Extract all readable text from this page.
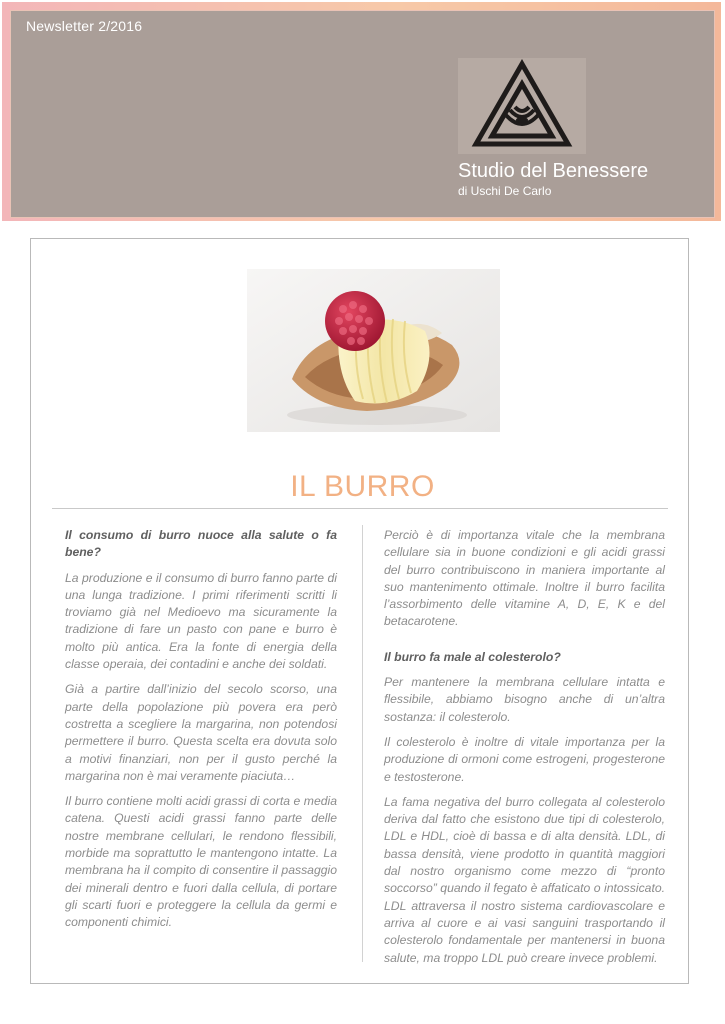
Newsletter 2/2016
Studio del Benessere
di Uschi De Carlo
IL BURRO

Il consumo di burro nuoce alla salute o fa bene?

La produzione e il consumo di burro fanno parte di una lunga tradizione. I primi riferimenti scritti li troviamo già nel Medioevo ma sicuramente la tradizione di fare un pasto con pane e burro è molto più antica. Era la fonte di energia della classe operaia, dei contadini e anche dei soldati.

Già a partire dall’inizio del secolo scorso, una parte della popolazione più povera era però costretta a scegliere la margarina, non potendosi permettere il burro. Questa scelta era dovuta solo a motivi finanziari, non per il gusto perché la margarina non è mai veramente piaciuta…

Il burro contiene molti acidi grassi di corta e media catena. Questi acidi grassi fanno parte delle nostre membrane cellulari, le rendono flessibili, morbide ma soprattutto le mantengono intatte. La membrana ha il compito di consentire il passaggio dei minerali dentro e fuori dalla cellula, di portare gli scarti fuori e proteggere la cellula da germi e componenti chimici.

Perciò è di importanza vitale che la membrana cellulare sia in buone condizioni e gli acidi grassi del burro contribuiscono in maniera importante al suo mantenimento ottimale. Inoltre il burro facilita l’assorbimento delle vitamine A, D, E, K e del betacarotene.

Il burro fa male al colesterolo?

Per mantenere la membrana cellulare intatta e flessibile, abbiamo bisogno anche di un’altra sostanza: il colesterolo.

Il colesterolo è inoltre di vitale importanza per la produzione di ormoni come estrogeni, progesterone e testosterone.

La fama negativa del burro collegata al colesterolo deriva dal fatto che esistono due tipi di colesterolo, LDL e HDL, cioè di bassa e di alta densità. LDL, di bassa densità, viene prodotto in quantità maggiori dal nostro organismo come mezzo di “pronto soccorso” quando il fegato è affaticato o intossicato. LDL attraversa il nostro sistema cardiovascolare e arriva al cuore e ai vasi sanguini trasportando il colesterolo fondamentale per mantenersi in buona salute, ma troppo LDL può creare invece problemi.
